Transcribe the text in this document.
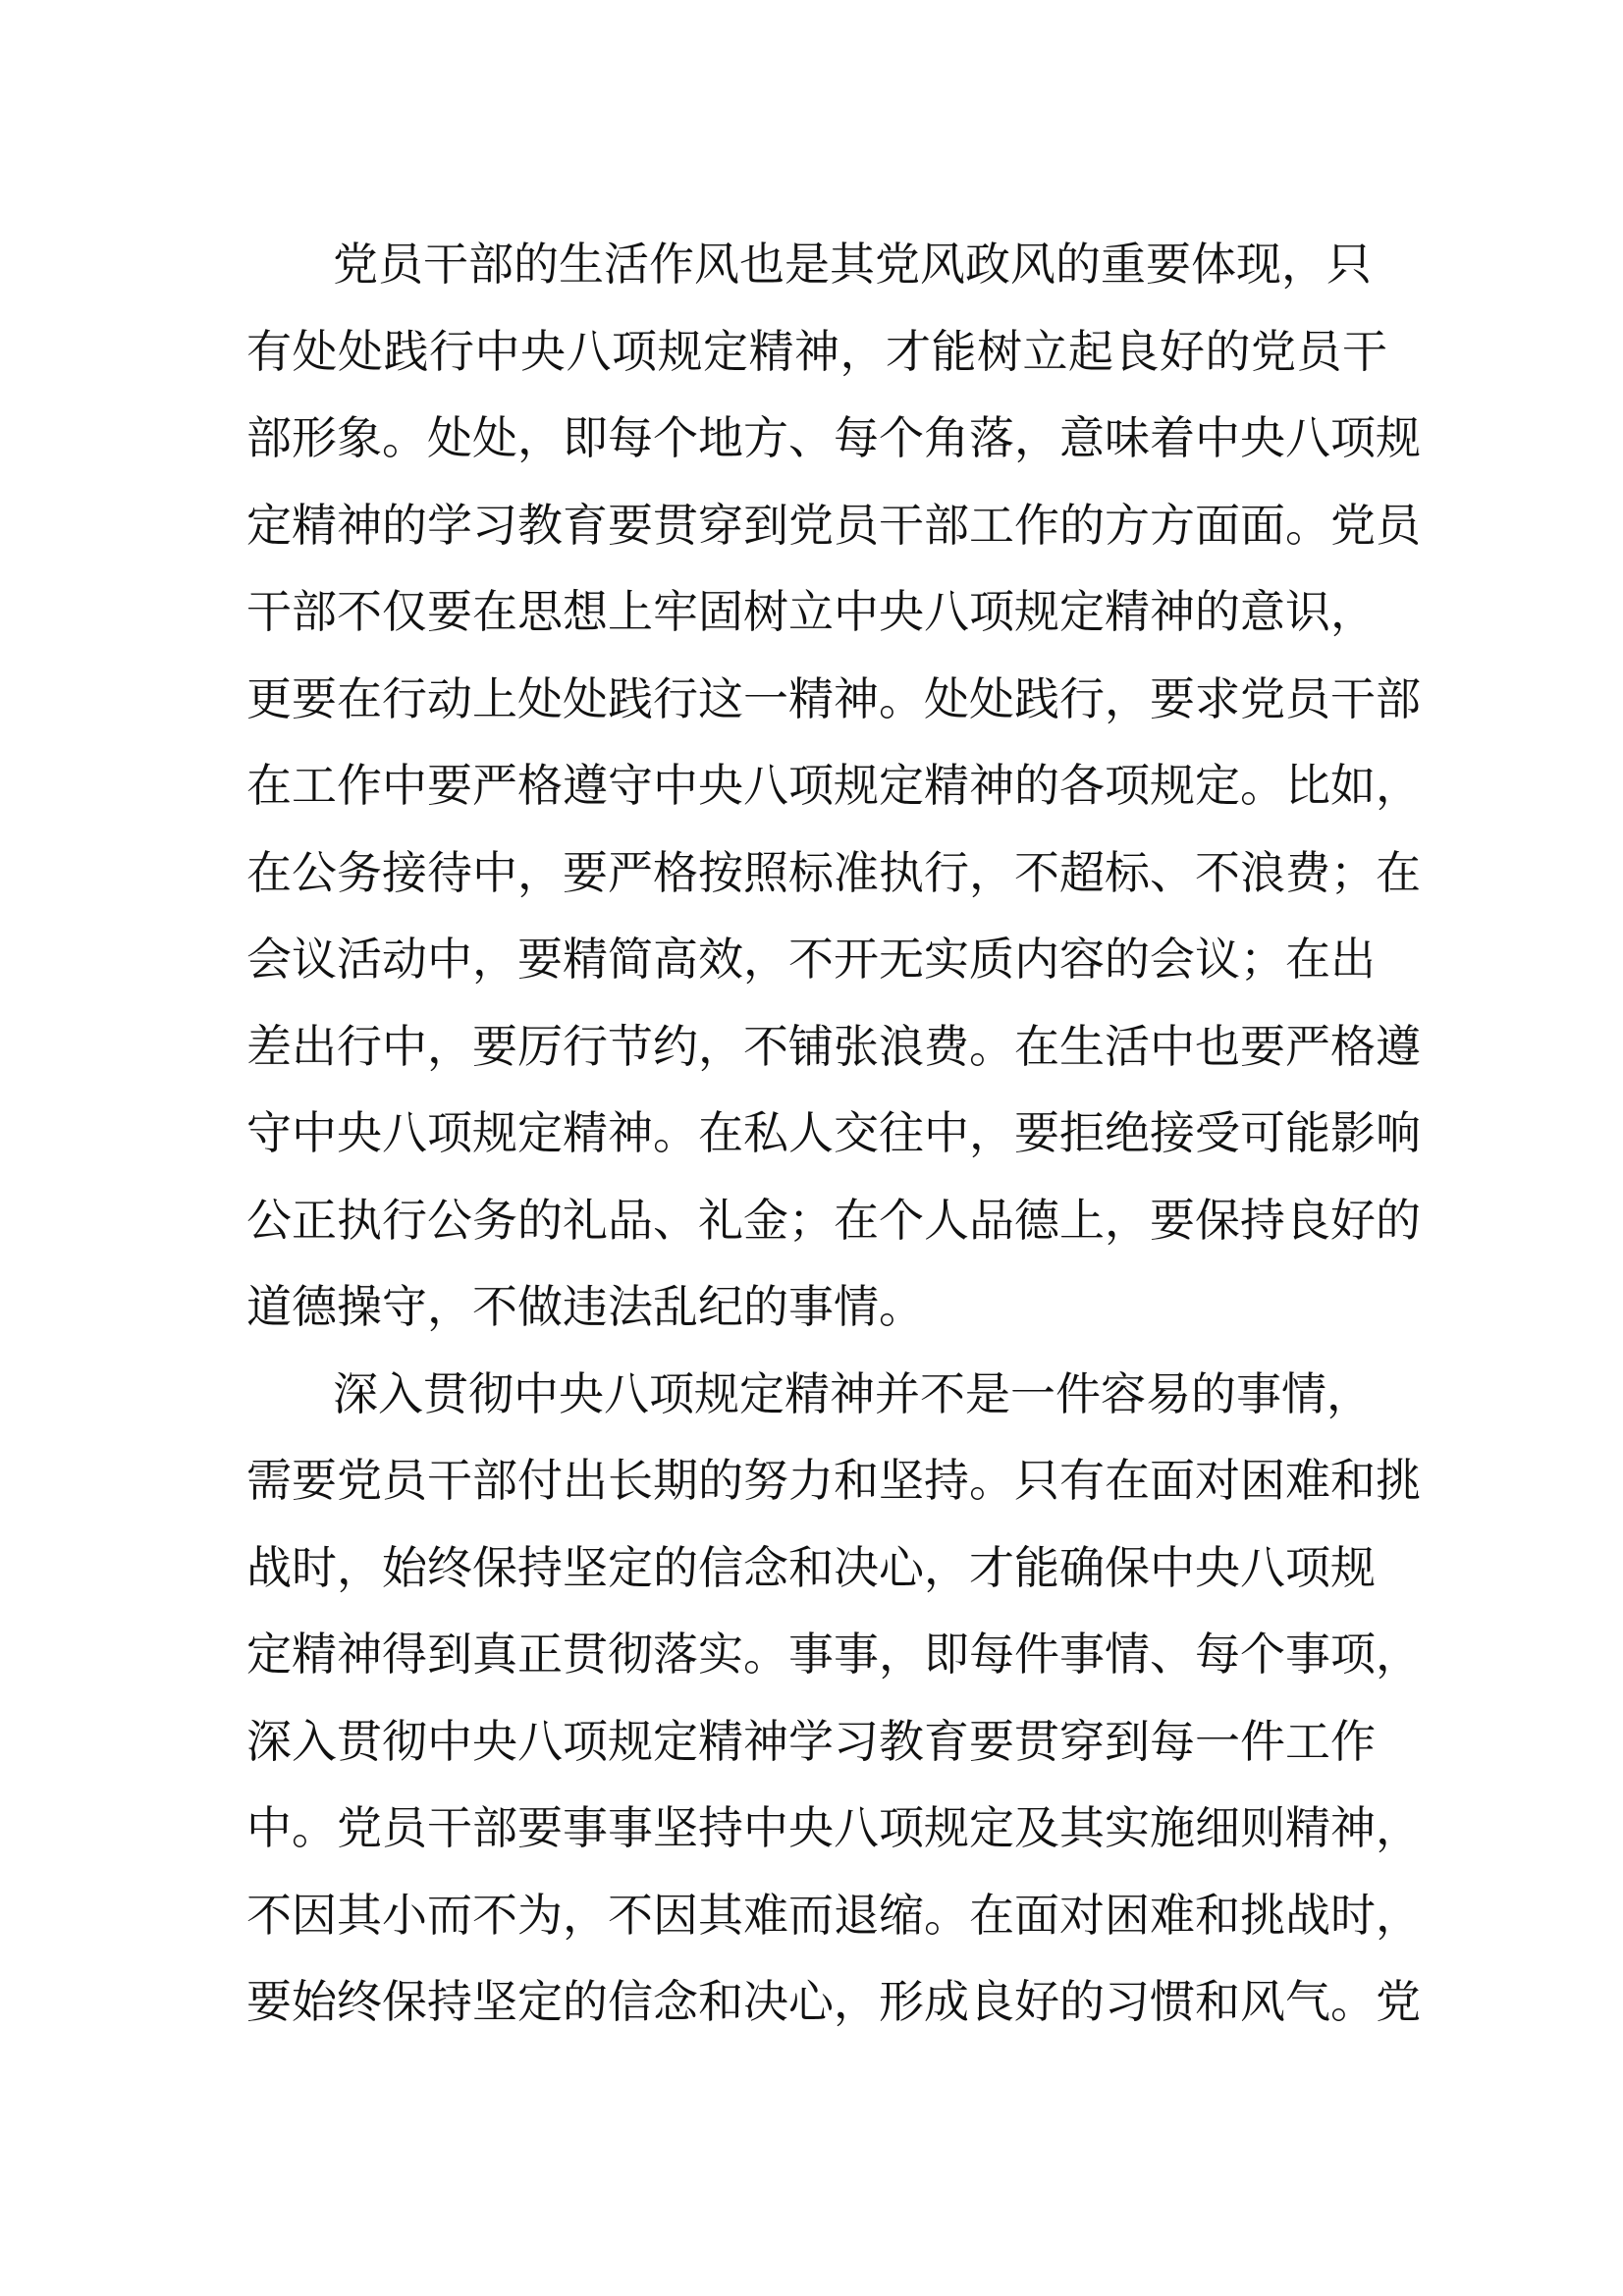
党员干部的生活作风也是其党风政风的重要体现，只
有处处践行中央八项规定精神，才能树立起良好的党员干
部形象。处处，即每个地方、每个角落，意味着中央八项规
定精神的学习教育要贯穿到党员干部工作的方方面面。党员
干部不仅要在思想上牢固树立中央八项规定精神的意识，
更要在行动上处处践行这一精神。处处践行，要求党员干部
在工作中要严格遵守中央八项规定精神的各项规定。比如，
在公务接待中，要严格按照标准执行，不超标、不浪费；在
会议活动中，要精简高效，不开无实质内容的会议；在出
差出行中，要厉行节约，不铺张浪费。在生活中也要严格遵
守中央八项规定精神。在私人交往中，要拒绝接受可能影响
公正执行公务的礼品、礼金；在个人品德上，要保持良好的
道德操守，不做违法乱纪的事情。
深入贯彻中央八项规定精神并不是一件容易的事情，
需要党员干部付出长期的努力和坚持。只有在面对困难和挑
战时，始终保持坚定的信念和决心，才能确保中央八项规
定精神得到真正贯彻落实。事事，即每件事情、每个事项，
深入贯彻中央八项规定精神学习教育要贯穿到每一件工作
中。党员干部要事事坚持中央八项规定及其实施细则精神，
不因其小而不为，不因其难而退缩。在面对困难和挑战时，
要始终保持坚定的信念和决心，形成良好的习惯和风气。党
